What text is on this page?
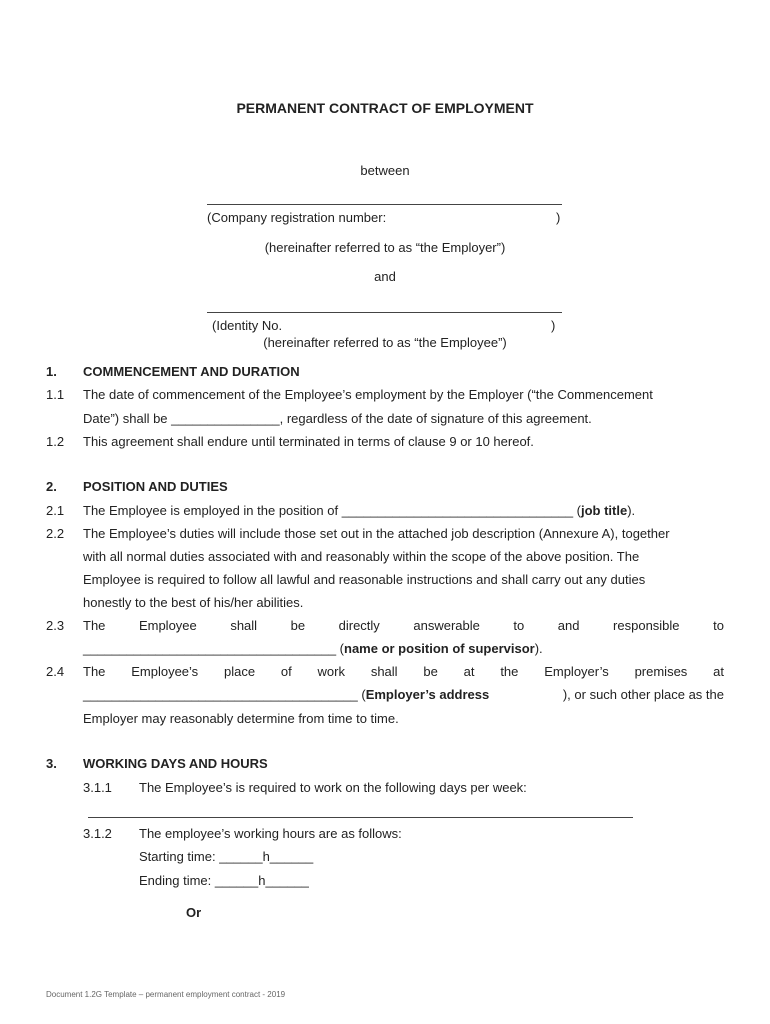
PERMANENT CONTRACT OF EMPLOYMENT
between
(Company registration number:	)
(hereinafter referred to as “the Employer”)
and
(Identity No.	)
(hereinafter referred to as “the Employee”)
1. COMMENCEMENT AND DURATION
1.1 The date of commencement of the Employee’s employment by the Employer (“the Commencement
Date”) shall be _______________, regardless of the date of signature of this agreement.
1.2 This agreement shall endure until terminated in terms of clause 9 or 10 hereof.
2. POSITION AND DUTIES
2.1 The Employee is employed in the position of ________________________________ (job title).
2.2 The Employee’s duties will include those set out in the attached job description (Annexure A), together
with all normal duties associated with and reasonably within the scope of the above position. The
Employee is required to follow all lawful and reasonable instructions and shall carry out any duties
honestly to the best of his/her abilities.
2.3 The	Employee	shall	be	directly	answerable	to	and	responsible	to
___________________________________ (name or position of supervisor).
2.4 The Employee’s place of work shall be at the Employer’s premises at
______________________________________ (Employer’s address	), or such other place as the
Employer may reasonably determine from time to time.
3. WORKING DAYS AND HOURS
3.1.1 The Employee’s is required to work on the following days per week:
3.1.2 The employee’s working hours are as follows:
Starting time: ______h______
Ending time: ______h______
Or
Document 1.2G Template – permanent employment contract - 2019
